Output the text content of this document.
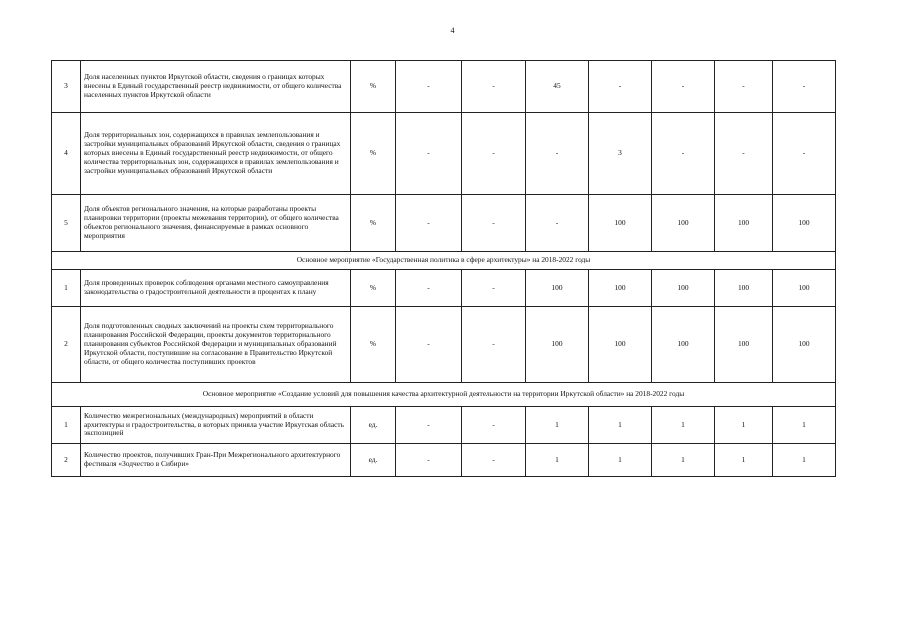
4
3	Доля населенных пунктов Иркутской области, сведения о границах которых внесены в Единый государственный реестр недвижимости, от общего количества населенных пунктов Иркутской области	%	-	-	45	-	-	-	-
4	Доля территориальных зон, содержащихся в правилах землепользования и застройки муниципальных образований Иркутской области, сведения о границах которых внесены в Единый государственный реестр недвижимости, от общего количества территориальных зон, содержащихся в правилах землепользования и застройки муниципальных образований Иркутской области	%	-	-	-	3	-	-	-
5	Доля объектов регионального значения, на которые разработаны проекты планировки территории (проекты межевания территории), от общего количества объектов регионального значения, финансируемые в рамках основного мероприятия	%	-	-	-	100	100	100	100
Основное мероприятие «Государственная политика в сфере архитектуры» на 2018-2022 годы									
1	Доля проведенных проверок соблюдения органами местного самоуправления законодательства о градостроительной деятельности в процентах к плану	%	-	-	100	100	100	100	100
2	Доля подготовленных сводных заключений на проекты схем территориального планирования Российской Федерации, проекты документов территориального планирования субъектов Российской Федерации и муниципальных образований Иркутской области, поступившие на согласование в Правительство Иркутской области, от общего количества поступивших проектов	%	-	-	100	100	100	100	100
Основное мероприятие «Создание условий для повышения качества архитектурной деятельности на территории Иркутской области» на 2018-2022 годы									
1	Количество межрегиональных (международных) мероприятий в области архитектуры и градостроительства, в которых приняла участие Иркутская область экспозицией	ед.	-	-	1	1	1	1	1
2	Количество проектов, получивших Гран-При Межрегионального архитектурного фестиваля «Зодчество в Сибири»	ед.	-	-	1	1	1	1	1
